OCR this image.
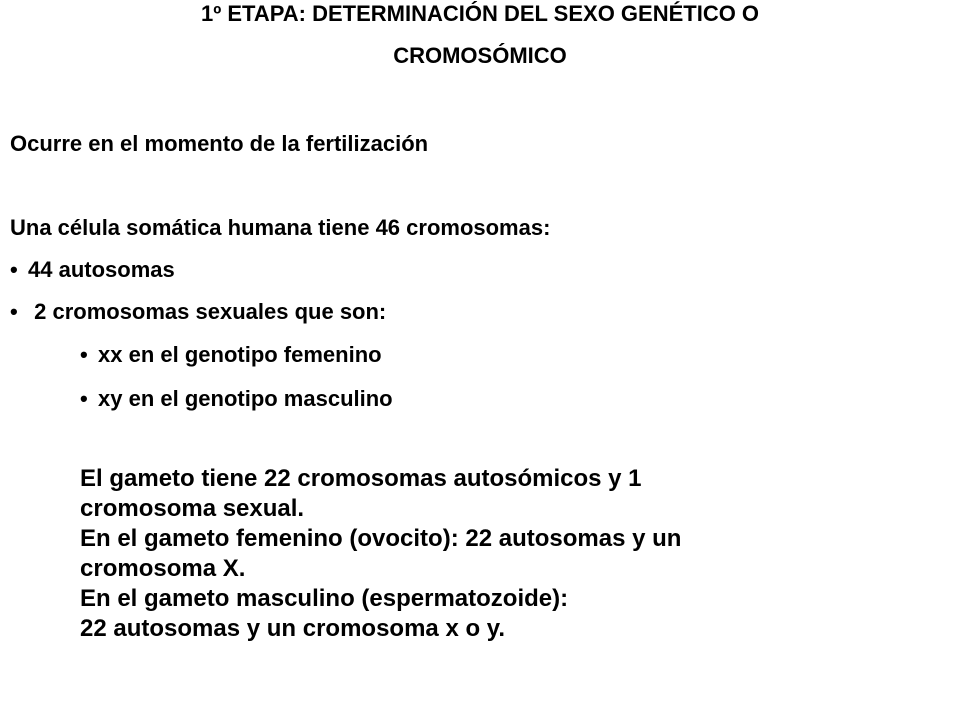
1º ETAPA: DETERMINACIÓN DEL SEXO GENÉTICO O
CROMOSÓMICO
Ocurre en el momento de la fertilización
Una célula somática humana tiene 46 cromosomas:
• 44 autosomas
• 2 cromosomas sexuales que son:
• xx en el genotipo femenino
• xy en el genotipo masculino
El gameto tiene 22 cromosomas autosómicos y 1
cromosoma sexual.
En el gameto femenino (ovocito): 22 autosomas y un
cromosoma X.
En el gameto masculino (espermatozoide):
22 autosomas y un cromosoma x o y.
